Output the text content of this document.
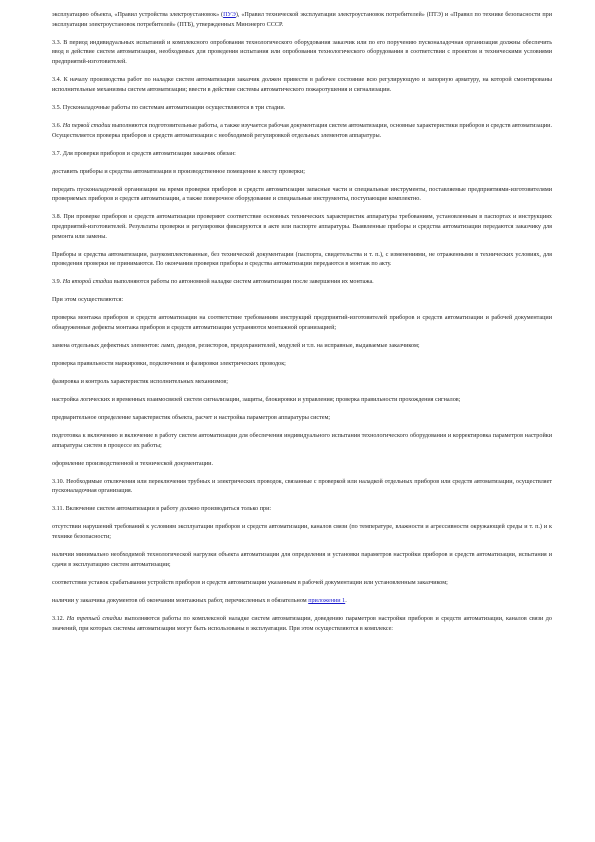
эксплуатацию объекта, «Правил устройства электроустановок» (ПУЭ), «Правил технической эксплуатации электроустановок потребителей» (ПТЭ) и «Правил по технике безопасности при эксплуатации электроустановок потребителей» (ПТБ), утвержденных Минэнерго СССР.

3.3. В период индивидуальных испытаний и комплексного опробования технологического оборудования заказчик или по его поручению пусконаладочная организация должны обеспечить ввод в действие систем автоматизации, необходимых для проведения испытания или опробования технологического оборудования в соответствии с проектом и техническими условиями предприятий-изготовителей.

3.4. К началу производства работ по наладке систем автоматизации заказчик должен привести в рабочее состояние всю регулирующую и запорную арматуру, на которой смонтированы исполнительные механизмы систем автоматизации; ввести в действие системы автоматического пожаротушения и сигнализации.

3.5. Пусконаладочные работы по системам автоматизации осуществляются в три стадии.

3.6. На первой стадии выполняются подготовительные работы, а также изучается рабочая документация систем автоматизации, основные характеристики приборов и средств автоматизации. Осуществляется проверка приборов и средств автоматизации с необходимой регулировкой отдельных элементов аппаратуры.

3.7. Для проверки приборов и средств автоматизации заказчик обязан:

доставить приборы и средства автоматизации в производственное помещение к месту проверки;

передать пусконаладочной организации на время проверки приборов и средств автоматизации запасные части и специальные инструменты, поставляемые предприятиями-изготовителями проверяемых приборов и средств автоматизации, а также поверочное оборудование и специальные инструменты, поступающие комплектно.

3.8. При проверке приборов и средств автоматизации проверяют соответствие основных технических характеристик аппаратуры требованиям, установленным в паспортах и инструкциях предприятий-изготовителей. Результаты проверки и регулировки фиксируются в акте или паспорте аппаратуры. Выявленные приборы и средства автоматизации передаются заказчику для ремонта или замены.

Приборы и средства автоматизации, разукомплектованные, без технической документации (паспорта, свидетельства и т. п.), с изменениями, не отраженными в технических условиях, для проведения проверки не принимаются. По окончании проверки приборы и средства автоматизации передаются в монтаж по акту.

3.9. На второй стадии выполняются работы по автономной наладке систем автоматизации после завершения их монтажа.

При этом осуществляются:

проверка монтажа приборов и средств автоматизации на соответствие требованиям инструкций предприятий-изготовителей приборов и средств автоматизации и рабочей документации обнаруженные дефекты монтажа приборов и средств автоматизации устраняются монтажной организацией;

замена отдельных дефектных элементов: ламп, диодов, резисторов, предохранителей, модулей и т.п. на исправные, выдаваемые заказчиком;

проверка правильности маркировки, подключения и фазировки электрических проводок;

фазировка и контроль характеристик исполнительных механизмов;

настройка логических и временных взаимосвязей систем сигнализации, защиты, блокировки и управления; проверка правильности прохождения сигналов;

предварительное определение характеристик объекта, расчет и настройка параметров аппаратуры систем;

подготовка к включению и включение в работу систем автоматизации для обеспечения индивидуального испытания технологического оборудования и корректировка параметров настройки аппаратуры систем в процессе их работы;

оформление производственной и технической документации.

3.10. Необходимые отключения или переключения трубных и электрических проводок, связанные с проверкой или наладкой отдельных приборов или средств автоматизации, осуществляет пусконаладочная организация.

3.11. Включение систем автоматизации в работу должно производиться только при:

отсутствии нарушений требований к условиям эксплуатации приборов и средств автоматизации, каналов связи (по температуре, влажности и агрессивности окружающей среды и т. п.) и к технике безопасности;

наличии минимально необходимой технологической нагрузки объекта автоматизации для определения и установки параметров настройки приборов и средств автоматизации, испытания и сдачи в эксплуатацию систем автоматизации;

соответствии уставок срабатывания устройств приборов и средств автоматизации указанным в рабочей документации или установленным заказчиком;

наличии у заказчика документов об окончании монтажных работ, перечисленных в обязательном приложении 1.

3.12. На третьей стадии выполняются работы по комплексной наладке систем автоматизации, доведению параметров настройки приборов и средств автоматизации, каналов связи до значений, при которых системы автоматизации могут быть использованы в эксплуатации. При этом осуществляются в комплексе:
